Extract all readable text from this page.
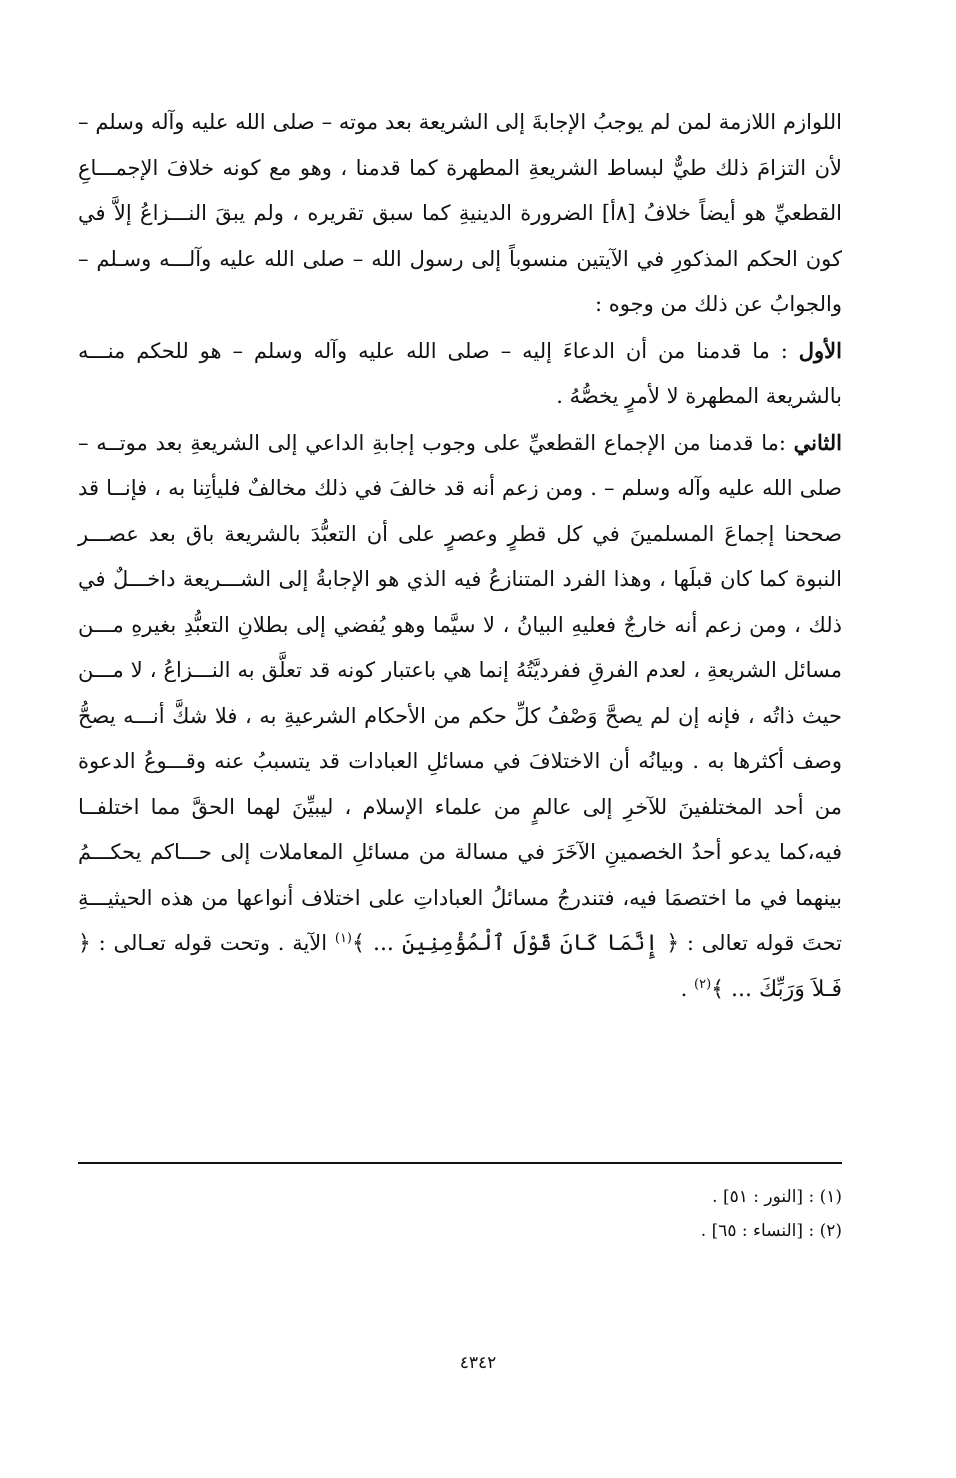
اللوازم اللازمة لمن لم يوجبُ الإجابةَ إلى الشريعة بعد موته – صلى الله عليه وآله وسلم – لأن التزامَ ذلك طيٌّ لبساط الشريعةِ المطهرة كما قدمنا ، وهو مع كونه خلافَ الإجمـــاعِ القطعيِّ هو أيضاً خلافُ [٨أ] الضرورة الدينيةِ كما سبق تقريره ، ولم يبقَ النـــزاعُ إلاَّ في كون الحكم المذكورِ في الآيتين منسوباً إلى رسول الله – صلى الله عليه وآلـــه وسـلم – والجوابُ عن ذلك من وجوه :

الأول : ما قدمنا من أن الدعاءَ إليه – صلى الله عليه وآله وسلم – هو للحكم منـــه بالشريعة المطهرة لا لأمرٍ يخصُّهُ .

الثاني :ما قدمنا من الإجماع القطعيِّ على وجوب إجابةِ الداعي إلى الشريعةِ بعد موتــه – صلى الله عليه وآله وسلم – . ومن زعم أنه قد خالفَ في ذلك مخالفٌ فليأتِنا به ، فإنــا قد صححنا إجماعَ المسلمينَ في كل قطرٍ وعصرٍ على أن التعبُّدَ بالشريعة باق بعد عصـــر النبوة كما كان قبلَها ، وهذا الفرد المتنازعُ فيه الذي هو الإجابةُ إلى الشـــريعة داخـــلٌ في ذلك ، ومن زعم أنه خارجٌ فعليهِ البيانُ ، لا سيَّما وهو يُفضي إلى بطلانِ التعبُّدِ بغيرهِ مـــن مسائل الشريعةِ ، لعدم الفرقِ ففرديَّتُهُ إنما هي باعتبار كونه قد تعلَّق به النـــزاعُ ، لا مـــن حيث ذاتُه ، فإنه إن لم يصحَّ وَصْفُ كلِّ حكم من الأحكام الشرعيةِ به ، فلا شكَّ أنـــه يصحُّ وصف أكثرها به . وبيانُه أن الاختلافَ في مسائلِ العبادات قد يتسببُ عنه وقـــوعُ الدعوة من أحد المختلفينَ للآخرِ إلى عالمٍ من علماء الإسلام ، ليبيِّنَ لهما الحقَّ مما اختلفــا فيه،كما يدعو أحدُ الخصمينِ الآخَرَ في مسالة من مسائلِ المعاملات إلى حـــاكم يحكـــمُ بينهما في ما اختصمَا فيه، فتندرجُ مسائلُ العباداتِ على اختلاف أنواعها من هذه الحيثيـــةِ تحتَ قوله تعالى : ﴿ إِنَّمَا كَانَ قَوْلَ ٱلْمُؤْمِنِينَ ... ﴾$^{(١)}$ الآية . وتحت قوله تعـالى : ﴿ فَـلاَ وَرَبِّكَ ... ﴾$^{(٢)}$ .

(١) : [النور : ٥١] .

(٢) : [النساء : ٦٥] .

٤٣٤٢
